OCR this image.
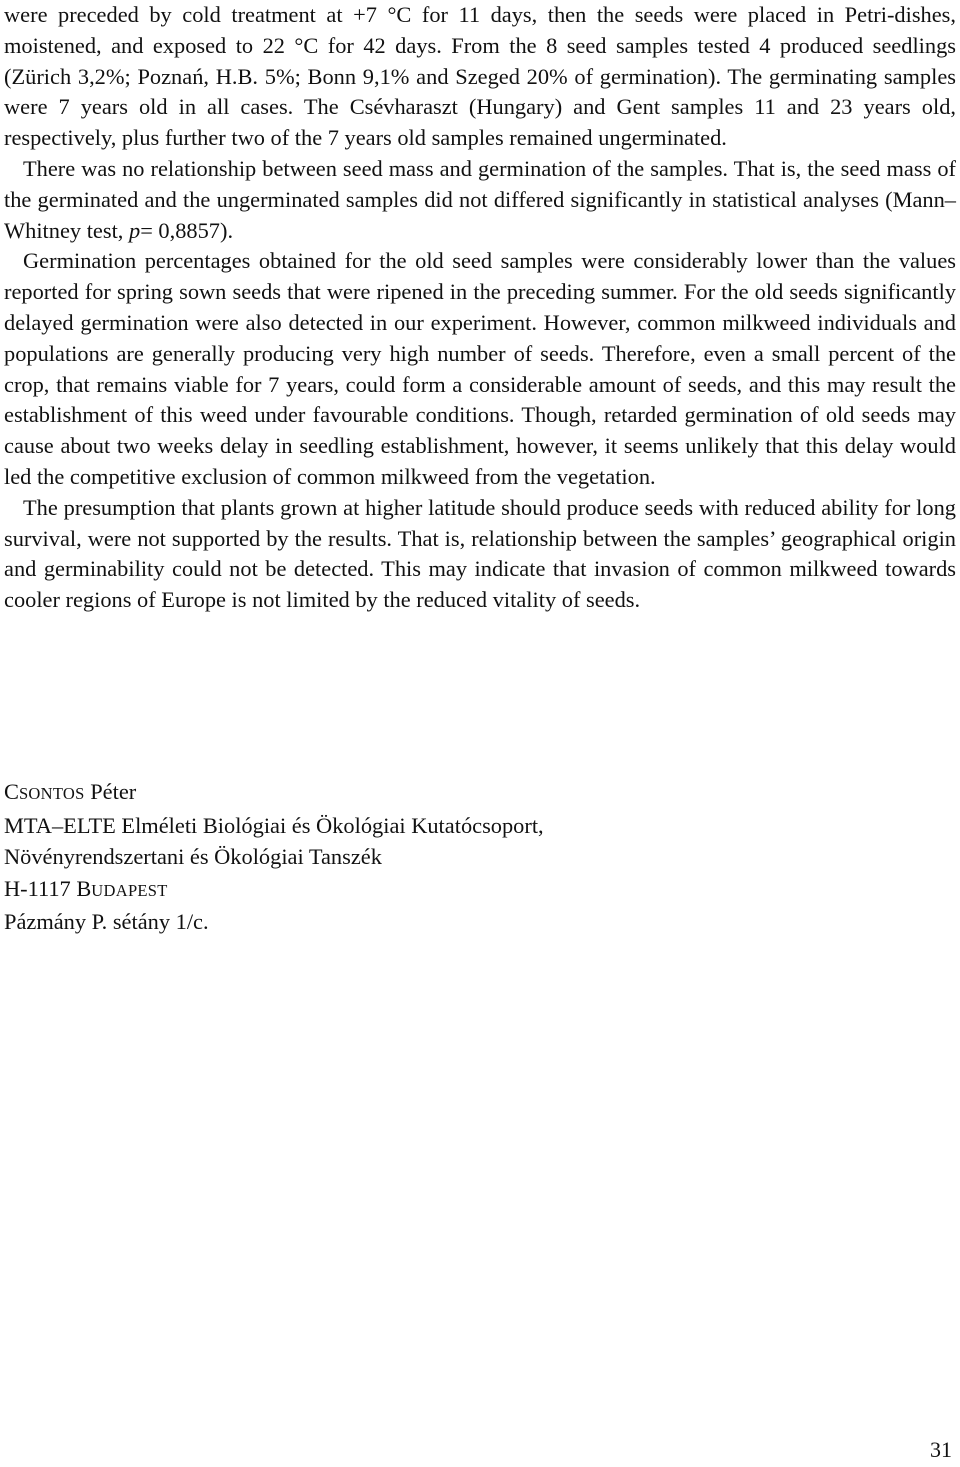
were preceded by cold treatment at +7 °C for 11 days, then the seeds were placed in Petri-dishes, moistened, and exposed to 22 °C for 42 days. From the 8 seed samples tested 4 produced seedlings (Zürich 3,2%; Poznań, H.B. 5%; Bonn 9,1% and Szeged 20% of germination). The germinating samples were 7 years old in all cases. The Csévharaszt (Hungary) and Gent samples 11 and 23 years old, respectively, plus further two of the 7 years old samples remained ungerminated.

There was no relationship between seed mass and germination of the samples. That is, the seed mass of the germinated and the ungerminated samples did not differed significantly in statistical analyses (Mann–Whitney test, p= 0,8857).

Germination percentages obtained for the old seed samples were considerably lower than the values reported for spring sown seeds that were ripened in the preceding summer. For the old seeds significantly delayed germination were also detected in our experiment. However, common milkweed individuals and populations are generally producing very high number of seeds. Therefore, even a small percent of the crop, that remains viable for 7 years, could form a considerable amount of seeds, and this may result the establishment of this weed under favourable conditions. Though, retarded germination of old seeds may cause about two weeks delay in seedling establishment, however, it seems unlikely that this delay would led the competitive exclusion of common milkweed from the vegetation.

The presumption that plants grown at higher latitude should produce seeds with reduced ability for long survival, were not supported by the results. That is, relationship between the samples’ geographical origin and germinability could not be detected. This may indicate that invasion of common milkweed towards cooler regions of Europe is not limited by the reduced vitality of seeds.

CSONTOS Péter
MTA–ELTE Elméleti Biológiai és Ökológiai Kutatócsoport,
Növényrendszertani és Ökológiai Tanszék
H-1117 BUDAPEST
Pázmány P. sétány 1/c.
31
